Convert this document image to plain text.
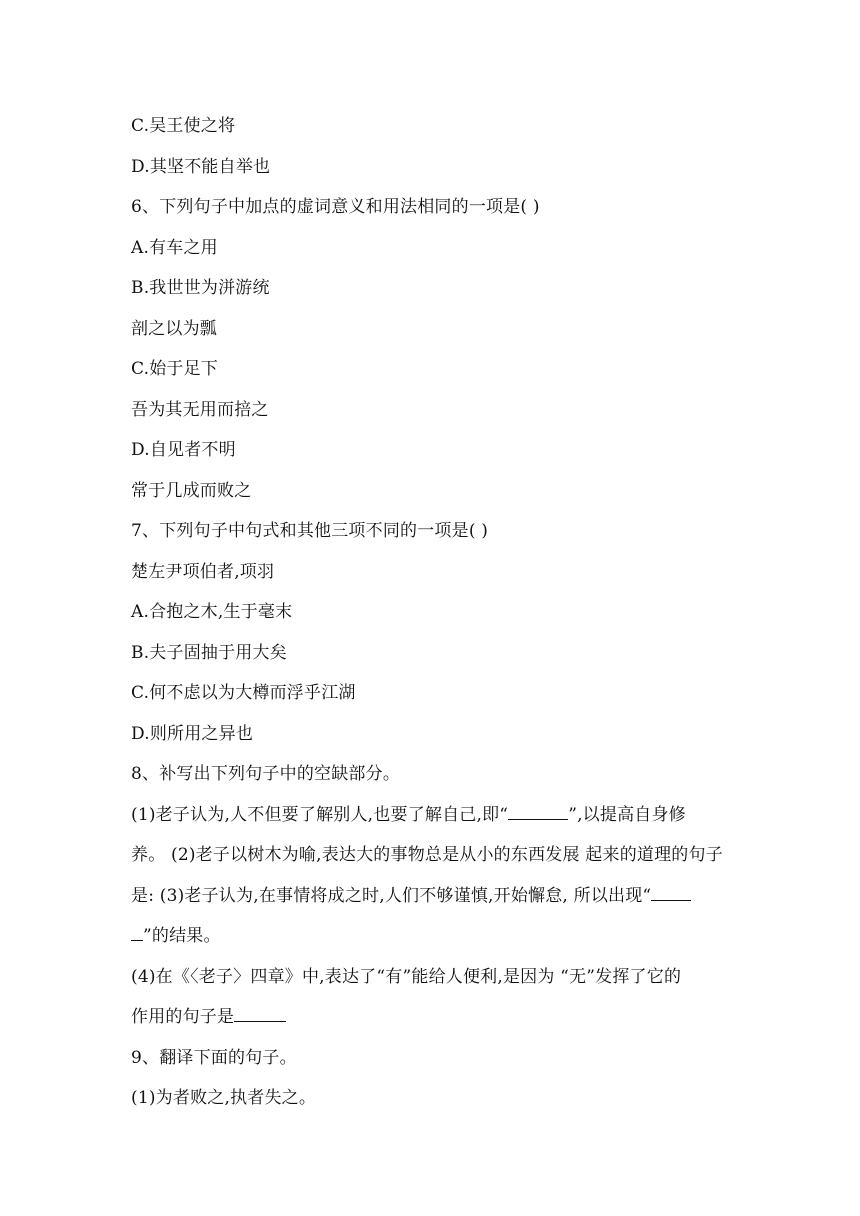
C.吴王使之将
D.其坚不能自举也
6、下列句子中加点的虚词意义和用法相同的一项是( )
A.有车之用
B.我世世为洴游统
剖之以为瓢
C.始于足下
吾为其无用而掊之
D.自见者不明
常于几成而败之
7、下列句子中句式和其他三项不同的一项是( )
楚左尹项伯者,项羽
A.合抱之木,生于毫末
B.夫子固抽于用大矣
C.何不虑以为大樽而浮乎江湖
D.则所用之异也
8、补写出下列句子中的空缺部分。
(1)老子认为,人不但要了解别人,也要了解自己,即“	”,以提高自身修
养。 (2)老子以树木为喻,表达大的事物总是从小的东西发展 起来的道理的句子
是: (3)老子认为,在事情将成之时,人们不够谨慎,开始懈怠, 所以出现“
”的结果。
(4)在《〈老子〉四章》中,表达了“有”能给人便利,是因为 “无”发挥了它的
作用的句子是
9、翻译下面的句子。
(1)为者败之,执者失之。
